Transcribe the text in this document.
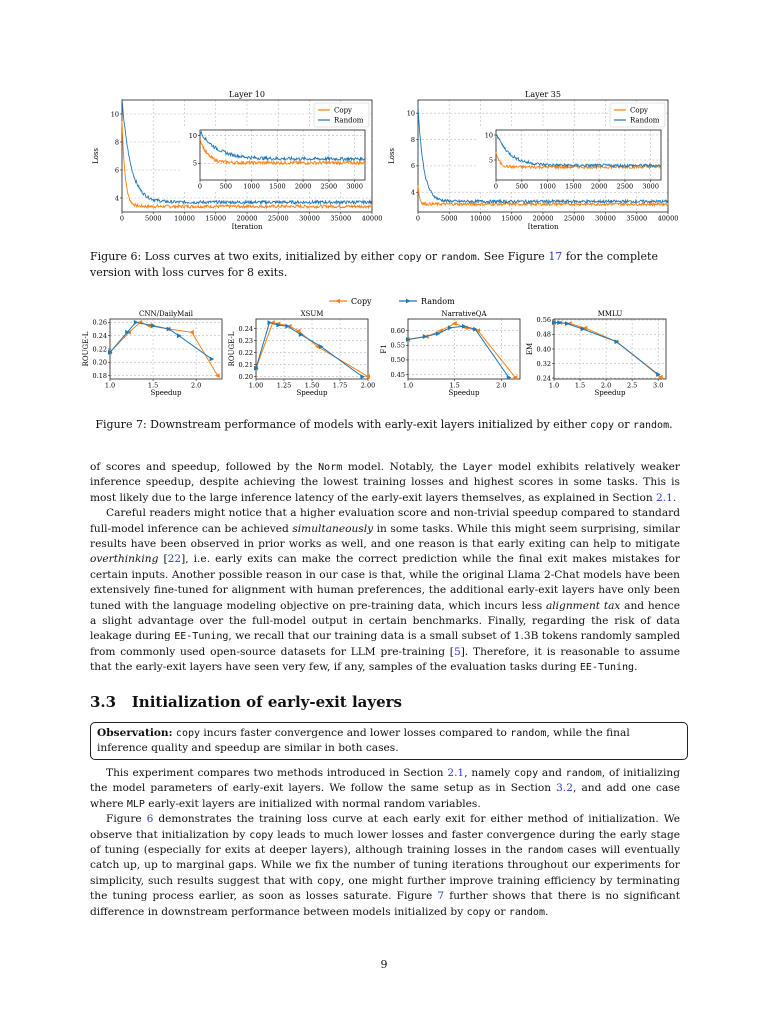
Layer 10
0	5000 10000 15000 20000 25000 30000 35000 40000
4
6
8
10
Iteration
Loss
0	500 1000 1500 2000 2500 3000
5
10
Copy
Random
Layer 35
0	5000 10000 15000 20000 25000 30000 35000 40000
4
6
8
10
Iteration
Loss
0	500 1000 1500 2000 2500 3000
5
10
Copy
Random
Figure 6: Loss curves at two exits, initialized by either copy or random. See Figure 17 for the complete version with loss curves for 8 exits.
Copy	Random
CNN/DailyMail
1.0	1.5	2.0
0.18
0.20
0.22
0.24
0.26
Speedup
ROUGE-L
XSUM
1.00 1.25 1.50 1.75 2.00
0.20
0.21
0.22
0.23
0.24
Speedup
ROUGE-L
NarrativeQA
1.0	1.5	2.0
0.45
0.50
0.55
0.60
Speedup
F1
MMLU
1.0 1.5 2.0 2.5 3.0
0.24
0.32
0.40
0.48
0.56
Speedup
EM
Figure 7: Downstream performance of models with early-exit layers initialized by either copy or random.

of scores and speedup, followed by the Norm model. Notably, the Layer model exhibits relatively weaker inference speedup, despite achieving the lowest training losses and highest scores in some tasks. This is most likely due to the large inference latency of the early-exit layers themselves, as explained in Section 2.1.

Careful readers might notice that a higher evaluation score and non-trivial speedup compared to standard full-model inference can be achieved simultaneously in some tasks. While this might seem surprising, similar results have been observed in prior works as well, and one reason is that early exiting can help to mitigate overthinking [22], i.e. early exits can make the correct prediction while the final exit makes mistakes for certain inputs. Another possible reason in our case is that, while the original Llama 2-Chat models have been extensively fine-tuned for alignment with human preferences, the additional early-exit layers have only been tuned with the language modeling objective on pre-training data, which incurs less alignment tax and hence a slight advantage over the full-model output in certain benchmarks. Finally, regarding the risk of data leakage during EE-Tuning, we recall that our training data is a small subset of 1.3B tokens randomly sampled from commonly used open-source datasets for LLM pre-training [5]. Therefore, it is reasonable to assume that the early-exit layers have seen very few, if any, samples of the evaluation tasks during EE-Tuning.

3.3 Initialization of early-exit layers
Observation: copy incurs faster convergence and lower losses compared to random, while the final inference quality and speedup are similar in both cases.

This experiment compares two methods introduced in Section 2.1, namely copy and random, of initializing the model parameters of early-exit layers. We follow the same setup as in Section 3.2, and add one case where MLP early-exit layers are initialized with normal random variables.

Figure 6 demonstrates the training loss curve at each early exit for either method of initialization. We observe that initialization by copy leads to much lower losses and faster convergence during the early stage of tuning (especially for exits at deeper layers), although training losses in the random cases will eventually catch up, up to marginal gaps. While we fix the number of tuning iterations throughout our experiments for simplicity, such results suggest that with copy, one might further improve training efficiency by terminating the tuning process earlier, as soon as losses saturate. Figure 7 further shows that there is no significant difference in downstream performance between models initialized by copy or random.

9
